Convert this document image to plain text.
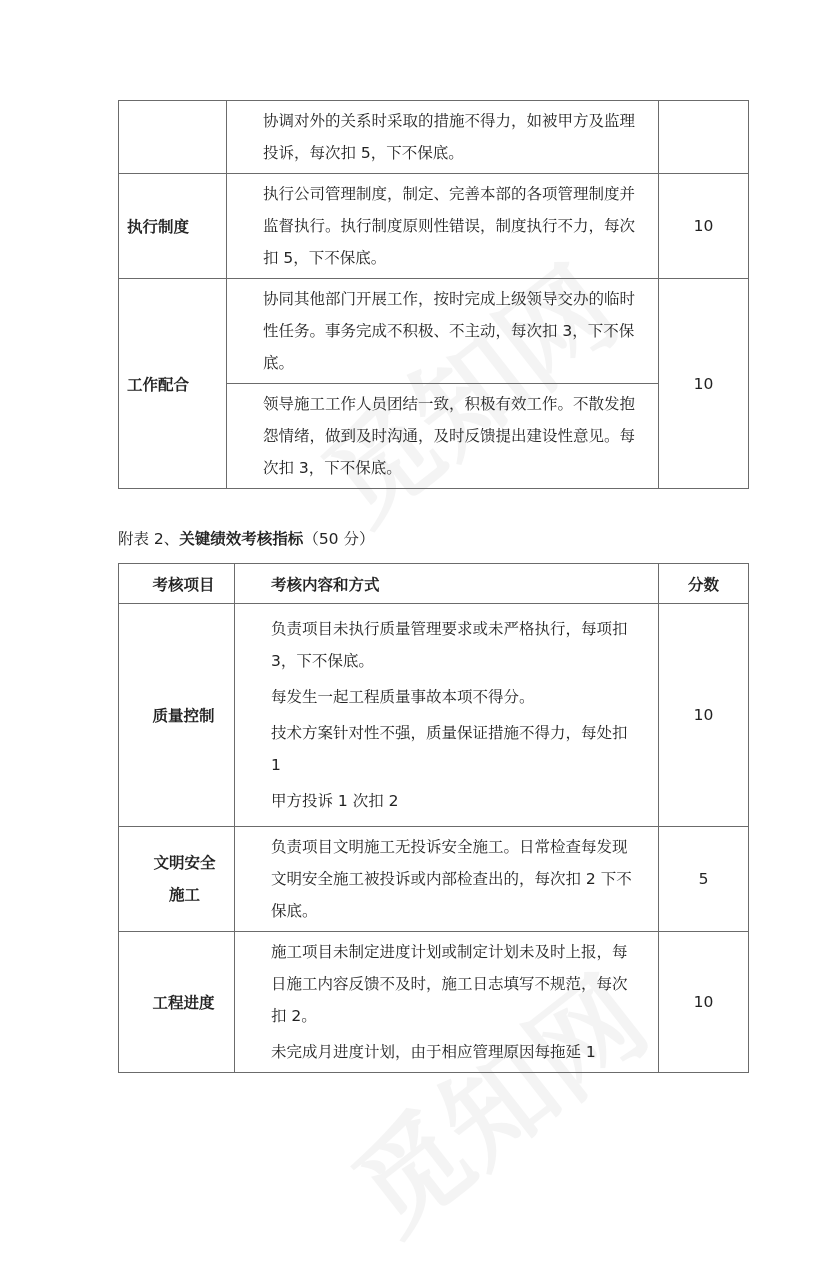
	协调对外的关系时采取的措施不得力，如被甲方及监理投诉，每次扣 5，下不保底。	

执行制度	执行公司管理制度，制定、完善本部的各项管理制度并监督执行。执行制度原则性错误，制度执行不力，每次扣 5，下不保底。	10
工作配合	协同其他部门开展工作，按时完成上级领导交办的临时性任务。事务完成不积极、不主动，每次扣 3，下不保底。	10

	领导施工工作人员团结一致，积极有效工作。不散发抱怨情绪，做到及时沟通，及时反馈提出建设性意见。每次扣 3，下不保底。	

附表 2、关键绩效考核指标（50 分）

考核项目	考核内容和方式	分数
质量控制	负责项目未执行质量管理要求或未严格执行，每项扣 3，下不保底。

每发生一起工程质量事故本项不得分。

技术方案针对性不强，质量保证措施不得力，每处扣 1

甲方投诉 1 次扣 2	10
文明安全施工	负责项目文明施工无投诉安全施工。日常检查每发现文明安全施工被投诉或内部检查出的，每次扣 2 下不保底。	5
工程进度	施工项目未制定进度计划或制定计划未及时上报，每日施工内容反馈不及时，施工日志填写不规范，每次扣 2。

未完成月进度计划，由于相应管理原因每拖延 1	10
